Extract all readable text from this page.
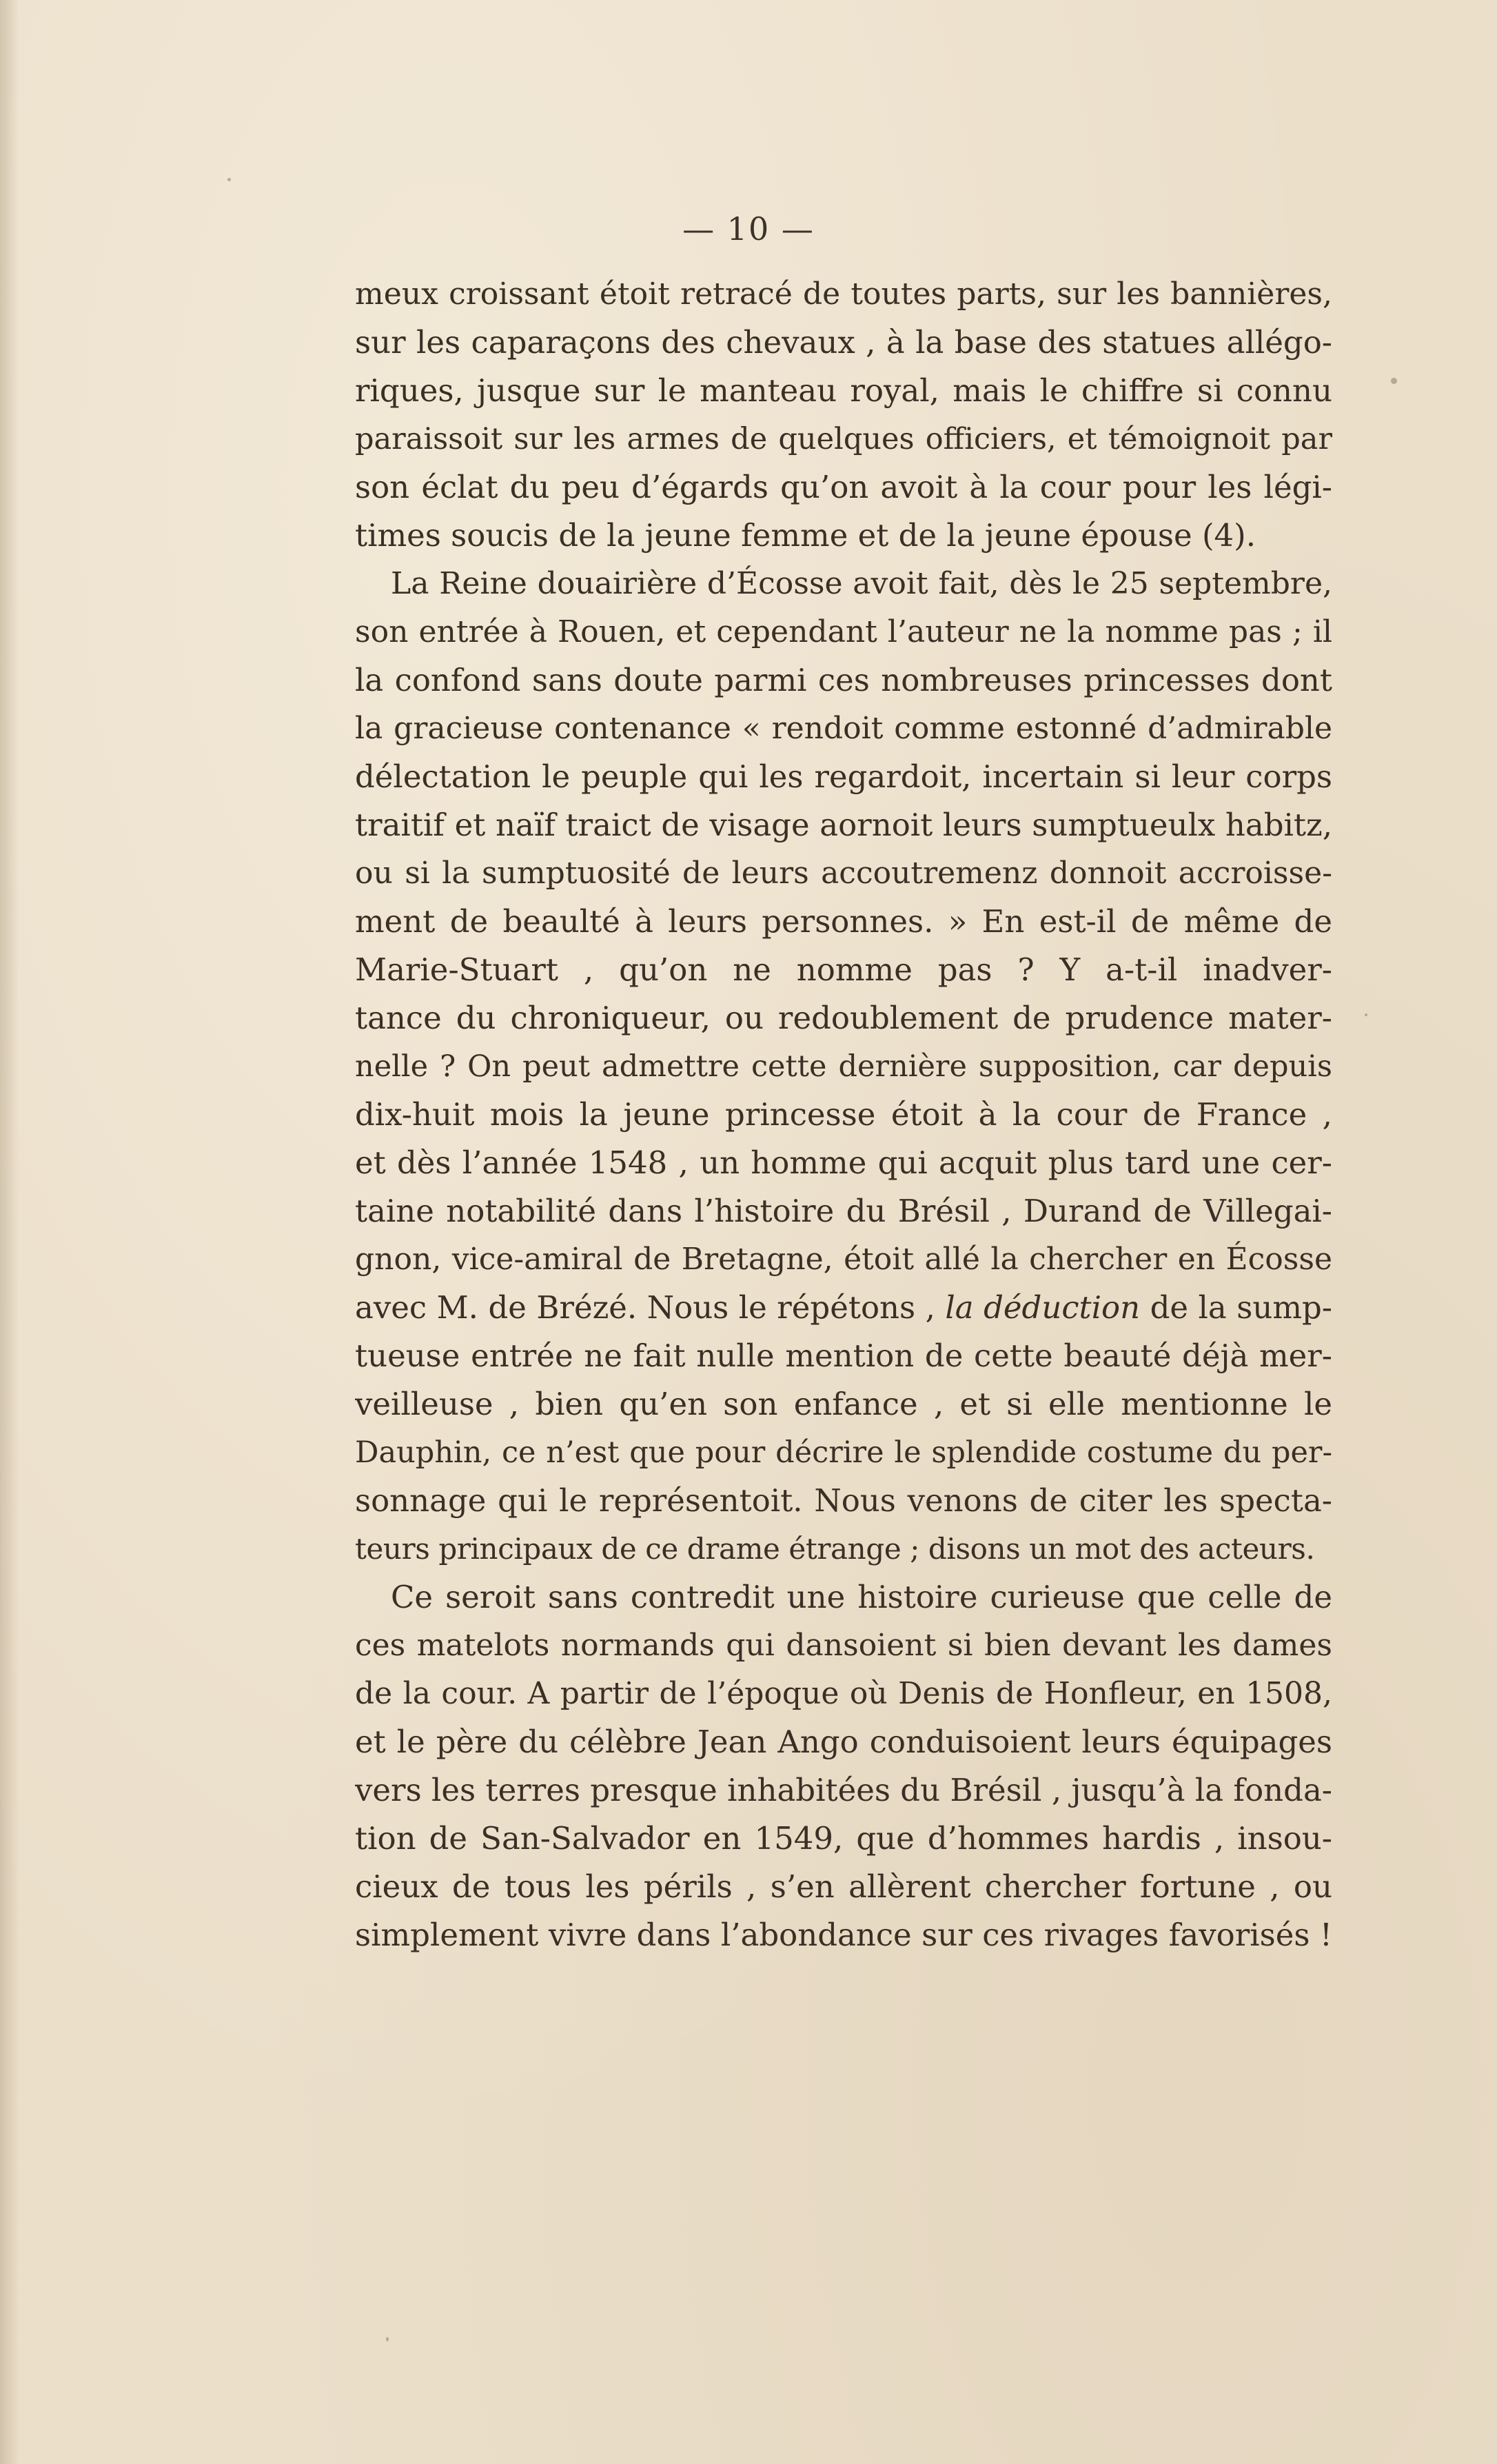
— 10 —
meux croissant étoit retracé de toutes parts, sur les bannières,
sur les caparaçons des chevaux , à la base des statues allégo-
riques, jusque sur le manteau royal, mais le chiffre si connu
paraissoit sur les armes de quelques officiers, et témoignoit par
son éclat du peu d’égards qu’on avoit à la cour pour les légi-
times soucis de la jeune femme et de la jeune épouse (4).
La Reine douairière d’Écosse avoit fait, dès le 25 septembre,
son entrée à Rouen, et cependant l’auteur ne la nomme pas ; il
la confond sans doute parmi ces nombreuses princesses dont
la gracieuse contenance « rendoit comme estonné d’admirable
délectation le peuple qui les regardoit, incertain si leur corps
traitif et naïf traict de visage aornoit leurs sumptueulx habitz,
ou si la sumptuosité de leurs accoutremenz donnoit accroisse-
ment de beaulté à leurs personnes. » En est-il de même de
Marie-Stuart , qu’on ne nomme pas ? Y a-t-il inadver-
tance du chroniqueur, ou redoublement de prudence mater-
nelle ? On peut admettre cette dernière supposition, car depuis
dix-huit mois la jeune princesse étoit à la cour de France ,
et dès l’année 1548 , un homme qui acquit plus tard une cer-
taine notabilité dans l’histoire du Brésil , Durand de Villegai-
gnon, vice-amiral de Bretagne, étoit allé la chercher en Écosse
avec M. de Brézé. Nous le répétons , la déduction de la sump-
tueuse entrée ne fait nulle mention de cette beauté déjà mer-
veilleuse , bien qu’en son enfance , et si elle mentionne le
Dauphin, ce n’est que pour décrire le splendide costume du per-
sonnage qui le représentoit. Nous venons de citer les specta-
teurs principaux de ce drame étrange ; disons un mot des acteurs.
Ce seroit sans contredit une histoire curieuse que celle de
ces matelots normands qui dansoient si bien devant les dames
de la cour. A partir de l’époque où Denis de Honfleur, en 1508,
et le père du célèbre Jean Ango conduisoient leurs équipages
vers les terres presque inhabitées du Brésil , jusqu’à la fonda-
tion de San-Salvador en 1549, que d’hommes hardis , insou-
cieux de tous les périls , s’en allèrent chercher fortune , ou
simplement vivre dans l’abondance sur ces rivages favorisés !
